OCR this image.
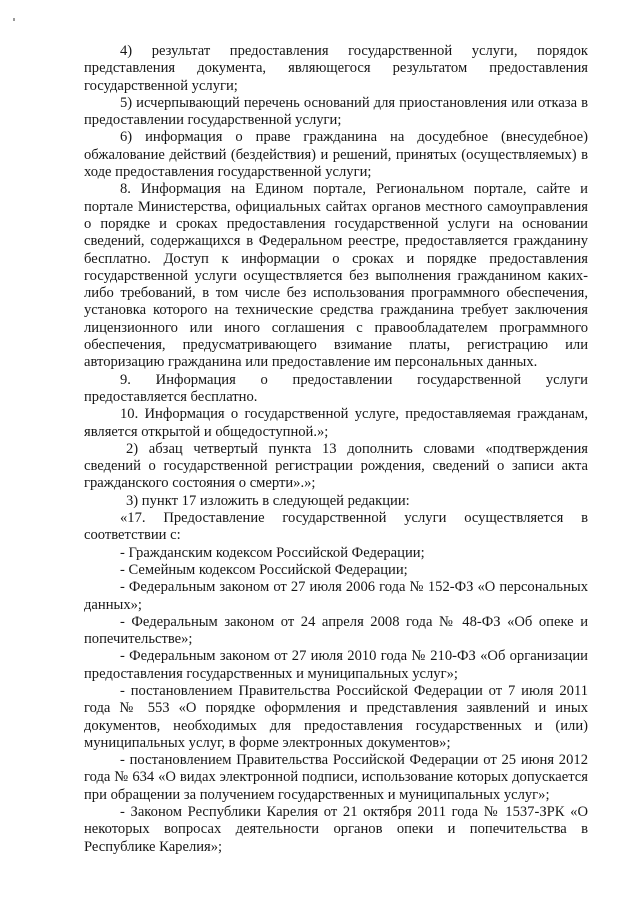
4) результат предоставления государственной услуги, порядок представления документа, являющегося результатом предоставления государственной услуги;

5) исчерпывающий перечень оснований для приостановления или отказа в предоставлении государственной услуги;

6) информация о праве гражданина на досудебное (внесудебное) обжалование действий (бездействия) и решений, принятых (осуществляемых) в ходе предоставления государственной услуги;

8. Информация на Едином портале, Региональном портале, сайте и портале Министерства, официальных сайтах органов местного самоуправления о порядке и сроках предоставления государственной услуги на основании сведений, содержащихся в Федеральном реестре, предоставляется гражданину бесплатно. Доступ к информации о сроках и порядке предоставления государственной услуги осуществляется без выполнения гражданином каких-либо требований, в том числе без использования программного обеспечения, установка которого на технические средства гражданина требует заключения лицензионного или иного соглашения с правообладателем программного обеспечения, предусматривающего взимание платы, регистрацию или авторизацию гражданина или предоставление им персональных данных.

9. Информация о предоставлении государственной услуги предоставляется бесплатно.

10. Информация о государственной услуге, предоставляемая гражданам, является открытой и общедоступной.»;

2) абзац четвертый пункта 13 дополнить словами «подтверждения сведений о государственной регистрации рождения, сведений о записи акта гражданского состояния о смерти».»;

3) пункт 17 изложить в следующей редакции:

«17. Предоставление государственной услуги осуществляется в соответствии с:

- Гражданским кодексом Российской Федерации;

- Семейным кодексом Российской Федерации;

- Федеральным законом от 27 июля 2006 года № 152-ФЗ «О персональных данных»;

- Федеральным законом от 24 апреля 2008 года № 48-ФЗ «Об опеке и попечительстве»;

- Федеральным законом от 27 июля 2010 года № 210-ФЗ «Об организации предоставления государственных и муниципальных услуг»;

- постановлением Правительства Российской Федерации от 7 июля 2011 года № 553 «О порядке оформления и представления заявлений и иных документов, необходимых для предоставления государственных и (или) муниципальных услуг, в форме электронных документов»;

- постановлением Правительства Российской Федерации от 25 июня 2012 года № 634 «О видах электронной подписи, использование которых допускается при обращении за получением государственных и муниципальных услуг»;

- Законом Республики Карелия от 21 октября 2011 года № 1537-ЗРК «О некоторых вопросах деятельности органов опеки и попечительства в Республике Карелия»;
